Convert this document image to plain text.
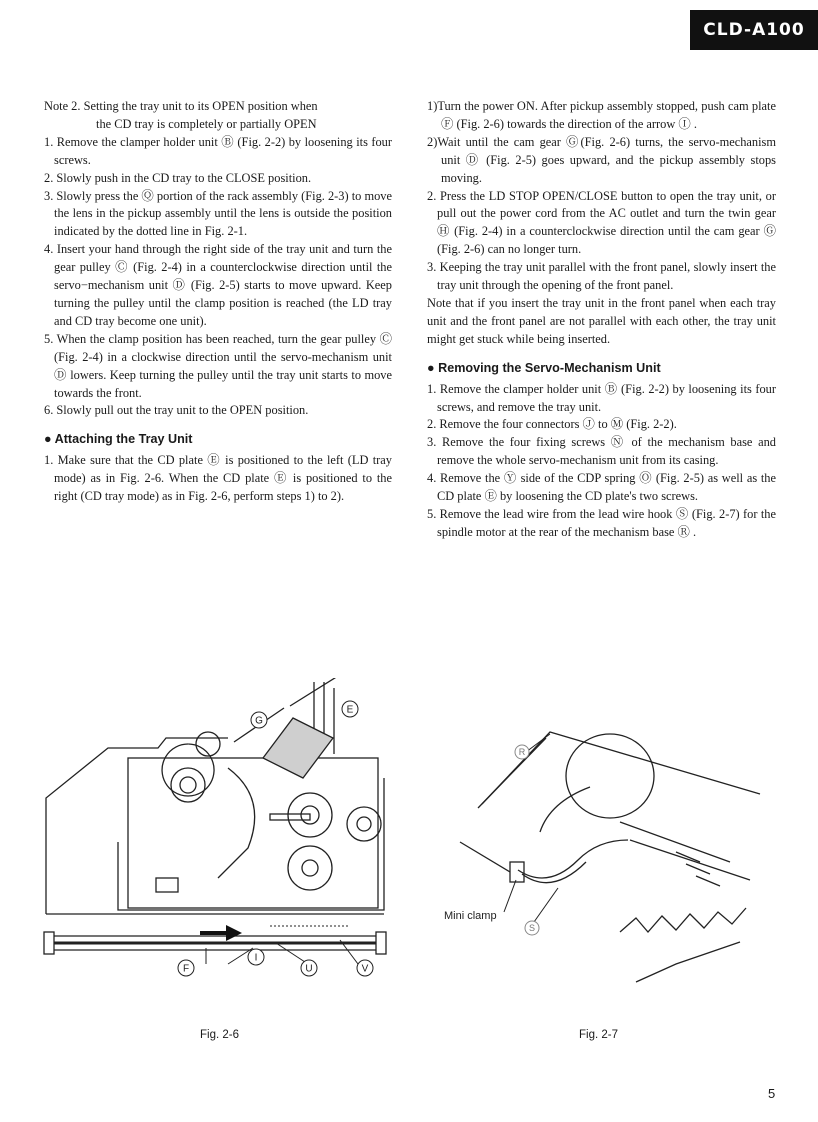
CLD-A100

Note 2. Setting the tray unit to its OPEN position when

the CD tray is completely or partially OPEN

1. Remove the clamper holder unit Ⓑ (Fig. 2-2) by loosening its four screws.

2. Slowly push in the CD tray to the CLOSE position.

3. Slowly press the Ⓠ portion of the rack assembly (Fig. 2-3) to move the lens in the pickup assembly until the lens is outside the position indicated by the dotted line in Fig. 2-1.

4. Insert your hand through the right side of the tray unit and turn the gear pulley Ⓒ (Fig. 2-4) in a counterclockwise direction until the servo−mechanism unit Ⓓ (Fig. 2-5) starts to move upward. Keep turning the pulley until the clamp position is reached (the LD tray and CD tray become one unit).

5. When the clamp position has been reached, turn the gear pulley Ⓒ (Fig. 2-4) in a clockwise direction until the servo-mechanism unit Ⓓ lowers. Keep turning the pulley until the tray unit starts to move towards the front.

6. Slowly pull out the tray unit to the OPEN position.

● Attaching the Tray Unit

1. Make sure that the CD plate Ⓔ is positioned to the left (LD tray mode) as in Fig. 2-6. When the CD plate Ⓔ is positioned to the right (CD tray mode) as in Fig. 2-6, perform steps 1) to 2).

1)Turn the power ON. After pickup assembly stopped, push cam plate Ⓕ (Fig. 2-6) towards the direction of the arrow Ⓘ .

2)Wait until the cam gear Ⓖ(Fig. 2-6) turns, the servo-mechanism unit Ⓓ (Fig. 2-5) goes upward, and the pickup assembly stops moving.

2. Press the LD STOP OPEN/CLOSE button to open the tray unit, or pull out the power cord from the AC outlet and turn the twin gear Ⓗ (Fig. 2-4) in a counterclockwise direction until the cam gear Ⓖ (Fig. 2-6) can no longer turn.

3. Keeping the tray unit parallel with the front panel, slowly insert the tray unit through the opening of the front panel.

Note that if you insert the tray unit in the front panel when each tray unit and the front panel are not parallel with each other, the tray unit might get stuck while being inserted.

● Removing the Servo-Mechanism Unit

1. Remove the clamper holder unit Ⓑ (Fig. 2-2) by loosening its four screws, and remove the tray unit.

2. Remove the four connectors Ⓙ to Ⓜ (Fig. 2-2).

3. Remove the four fixing screws Ⓝ of the mechanism base and remove the whole servo-mechanism unit from its casing.

4. Remove the Ⓨ side of the CDP spring Ⓞ (Fig. 2-5) as well as the CD plate Ⓔ by loosening the CD plate's two screws.

5. Remove the lead wire from the lead wire hook Ⓢ (Fig. 2-7) for the spindle motor at the rear of the mechanism base Ⓡ .

G
E
I
F	U	V
Mini clamp
R
S
Fig. 2-6	Fig. 2-7
5
